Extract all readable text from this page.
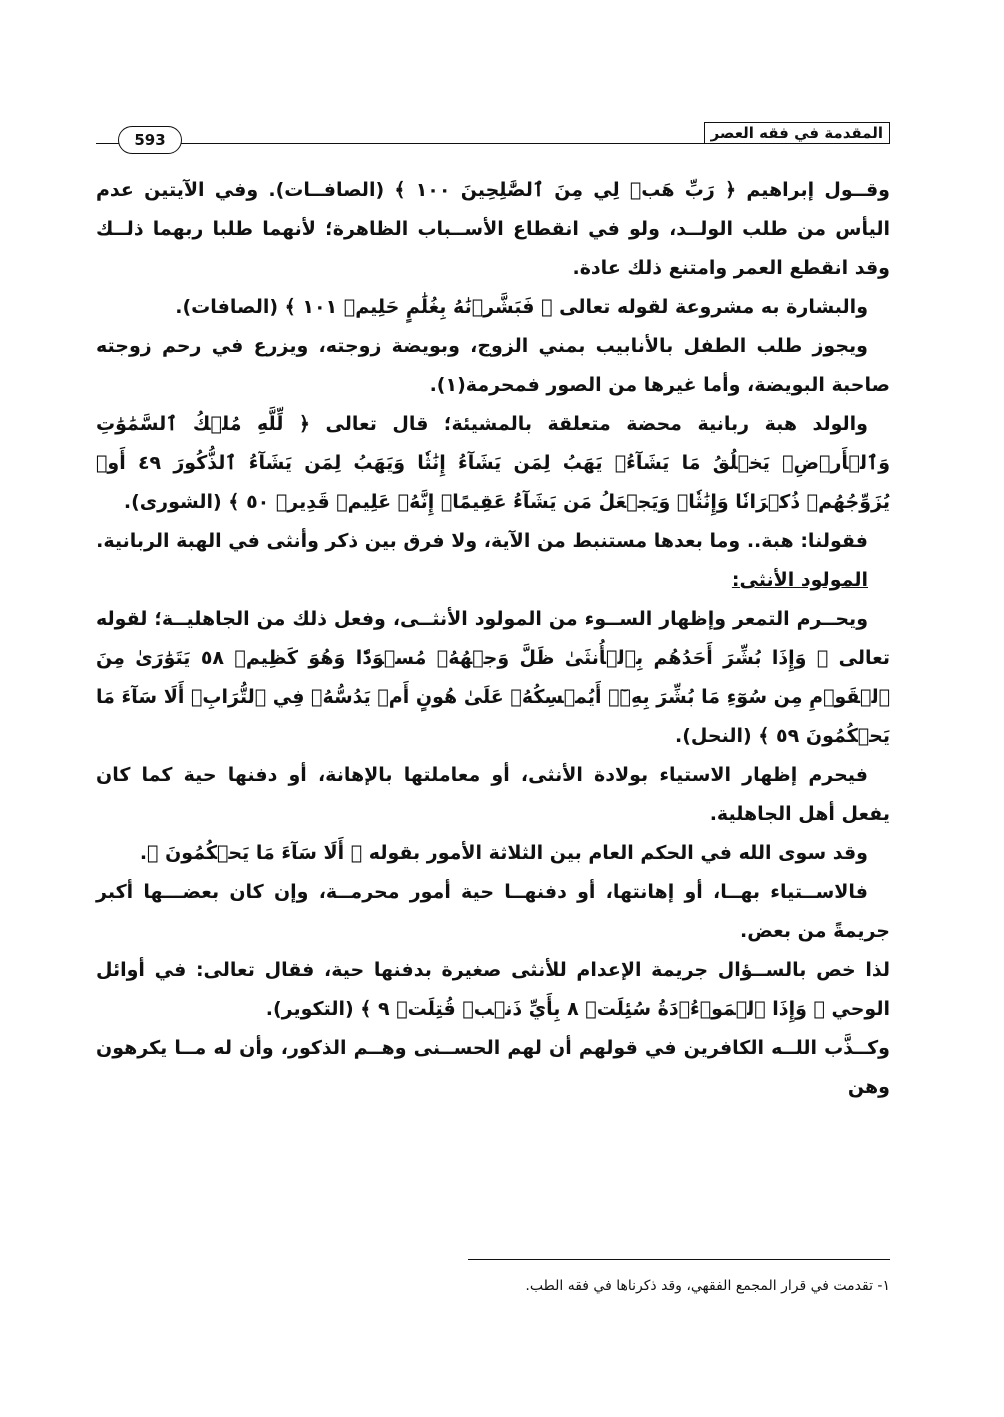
المقدمة في فقه العصر
593

وقــول إبراهيم ﴿ رَبِّ هَبۡ لِي مِنَ ٱلصَّٰلِحِينَ ١٠٠ ﴾ (الصافــات). وفي الآيتين عدم اليأس من طلب الولــد، ولو في انقطاع الأســباب الظاهرة؛ لأنهما طلبا ربهما ذلــك وقد انقطع العمر وامتنع ذلك عادة.

والبشارة به مشروعة لقوله تعالى ﴿ فَبَشَّرۡنَٰهُ بِغُلَٰمٍ حَلِيمٖ ١٠١ ﴾ (الصافات).

ويجوز طلب الطفل بالأنابيب بمني الزوج، وبويضة زوجته، ويزرع في رحم زوجته صاحبة البويضة، وأما غيرها من الصور فمحرمة(١).

والولد هبة ربانية محضة متعلقة بالمشيئة؛ قال تعالى ﴿ لِّلَّهِ مُلۡكُ ٱلسَّمَٰوَٰتِ وَٱلۡأَرۡضِۚ يَخۡلُقُ مَا يَشَآءُۚ يَهَبُ لِمَن يَشَآءُ إِنَٰثٗا وَيَهَبُ لِمَن يَشَآءُ ٱلذُّكُورَ ٤٩ أَوۡ يُزَوِّجُهُمۡ ذُكۡرَانٗا وَإِنَٰثٗاۖ وَيَجۡعَلُ مَن يَشَآءُ عَقِيمًاۚ إِنَّهُۥ عَلِيمٞ قَدِيرٞ ٥٠ ﴾ (الشورى).

فقولنا: هبة.. وما بعدها مستنبط من الآية، ولا فرق بين ذكر وأنثى في الهبة الربانية.

المولود الأنثى:

ويحــرم التمعر وإظهار الســوء من المولود الأنثــى، وفعل ذلك من الجاهليــة؛ لقوله تعالى ﴿ وَإِذَا بُشِّرَ أَحَدُهُم بِٱلۡأُنثَىٰ ظَلَّ وَجۡهُهُۥ مُسۡوَدّٗا وَهُوَ كَظِيمٞ ٥٨ يَتَوَٰرَىٰ مِنَ ٱلۡقَوۡمِ مِن سُوٓءِ مَا بُشِّرَ بِهِۦٓۚ أَيُمۡسِكُهُۥ عَلَىٰ هُونٍ أَمۡ يَدُسُّهُۥ فِي ٱلتُّرَابِۗ أَلَا سَآءَ مَا يَحۡكُمُونَ ٥٩ ﴾ (النحل).

فيحرم إظهار الاستياء بولادة الأنثى، أو معاملتها بالإهانة، أو دفنها حية كما كان يفعل أهل الجاهلية.

وقد سوى الله في الحكم العام بين الثلاثة الأمور بقوله ﴿ أَلَا سَآءَ مَا يَحۡكُمُونَ ﴾.

فالاســتياء بهــا، أو إهانتها، أو دفنهــا حية أمور محرمــة، وإن كان بعضـــها أكبر جريمةً من بعض.

لذا خص بالســؤال جريمة الإعدام للأنثى صغيرة بدفنها حية، فقال تعالى: في أوائل الوحي ﴿ وَإِذَا ٱلۡمَوۡءُۥدَةُ سُئِلَتۡ ٨ بِأَيِّ ذَنۢبٖ قُتِلَتۡ ٩ ﴾ (التكوير).

وكــذَّب اللــه الكافرين في قولهم أن لهم الحســنى وهــم الذكور، وأن له مــا يكرهون وهن

١- تقدمت في قرار المجمع الفقهي، وقد ذكرناها في فقه الطب.
